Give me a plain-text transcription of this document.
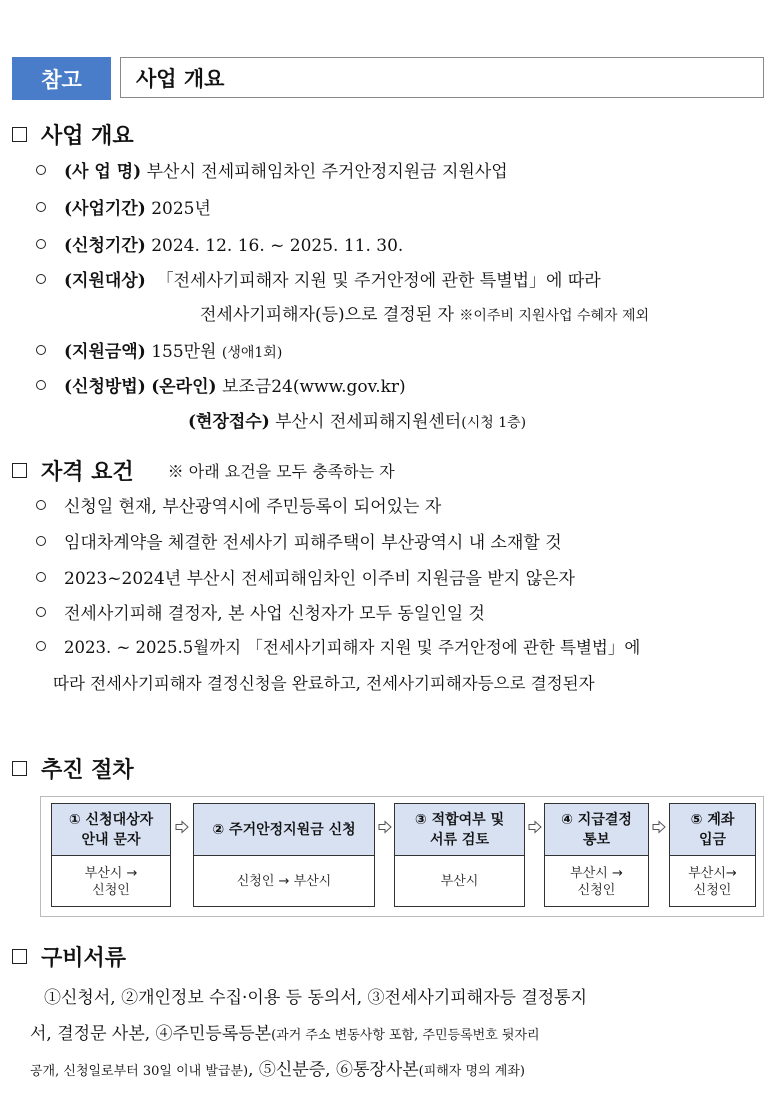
참고	사업 개요
사업 개요
(사 업 명) 부산시 전세피해임차인 주거안정지원금 지원사업
(사업기간) 2025년
(신청기간) 2024. 12. 16. ~ 2025. 11. 30.
(지원대상) 「전세사기피해자 지원 및 주거안정에 관한 특별법」에 따라
전세사기피해자(등)으로 결정된 자 ※이주비 지원사업 수혜자 제외
(지원금액) 155만원 (생애1회)
(신청방법) (온라인) 보조금24(www.gov.kr)
(현장접수) 부산시 전세피해지원센터(시청 1층)
자격 요건 ※ 아래 요건을 모두 충족하는 자
신청일 현재, 부산광역시에 주민등록이 되어있는 자
임대차계약을 체결한 전세사기 피해주택이 부산광역시 내 소재할 것
2023~2024년 부산시 전세피해임차인 이주비 지원금을 받지 않은자
전세사기피해 결정자, 본 사업 신청자가 모두 동일인일 것
2023. ~ 2025.5월까지 「전세사기피해자 지원 및 주거안정에 관한 특별법」에
따라 전세사기피해자 결정신청을 완료하고, 전세사기피해자등으로 결정된자
추진 절차
① 신청대상자
안내 문자
부산시 →
신청인
② 주거안정지원금 신청
신청인 → 부산시
③ 적합여부 및
서류 검토
부산시
④ 지급결정
통보
부산시 →
신청인
⑤ 계좌
입금
부산시→
신청인
구비서류
①신청서, ②개인정보 수집·이용 등 동의서, ③전세사기피해자등 결정통지
서, 결정문 사본, ④주민등록등본(과거 주소 변동사항 포함, 주민등록번호 뒷자리
공개, 신청일로부터 30일 이내 발급분), ⑤신분증, ⑥통장사본(피해자 명의 계좌)
